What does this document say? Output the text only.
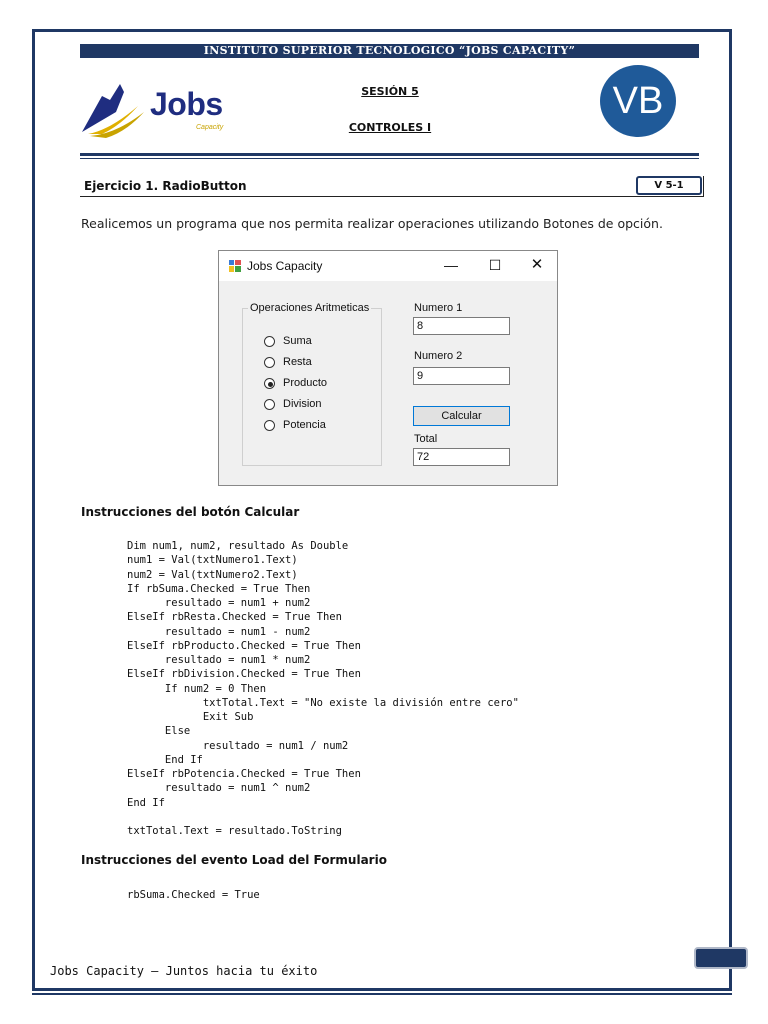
INSTITUTO SUPERIOR TECNOLOGICO “JOBS CAPACITY”
Jobs
Capacity
SESIÓN 5
CONTROLES I
VB
Ejercicio 1. RadioButton	V 5-1
Realicemos un programa que nos permita realizar operaciones utilizando Botones de opción.
Jobs Capacity	— ☐ ✕
Operaciones Aritmeticas
Suma
Resta
Producto
Division
Potencia
Numero 1
8
Numero 2
9
Calcular
Total
72
Instrucciones del botón Calcular
Dim num1, num2, resultado As Double
num1 = Val(txtNumero1.Text)
num2 = Val(txtNumero2.Text)
If rbSuma.Checked = True Then
resultado = num1 + num2
ElseIf rbResta.Checked = True Then
resultado = num1 - num2
ElseIf rbProducto.Checked = True Then
resultado = num1 * num2
ElseIf rbDivision.Checked = True Then
If num2 = 0 Then
txtTotal.Text = "No existe la división entre cero"
Exit Sub
Else
resultado = num1 / num2
End If
ElseIf rbPotencia.Checked = True Then
resultado = num1 ^ num2
End If

txtTotal.Text = resultado.ToString
Instrucciones del evento Load del Formulario
rbSuma.Checked = True
Jobs Capacity – Juntos hacia tu éxito
